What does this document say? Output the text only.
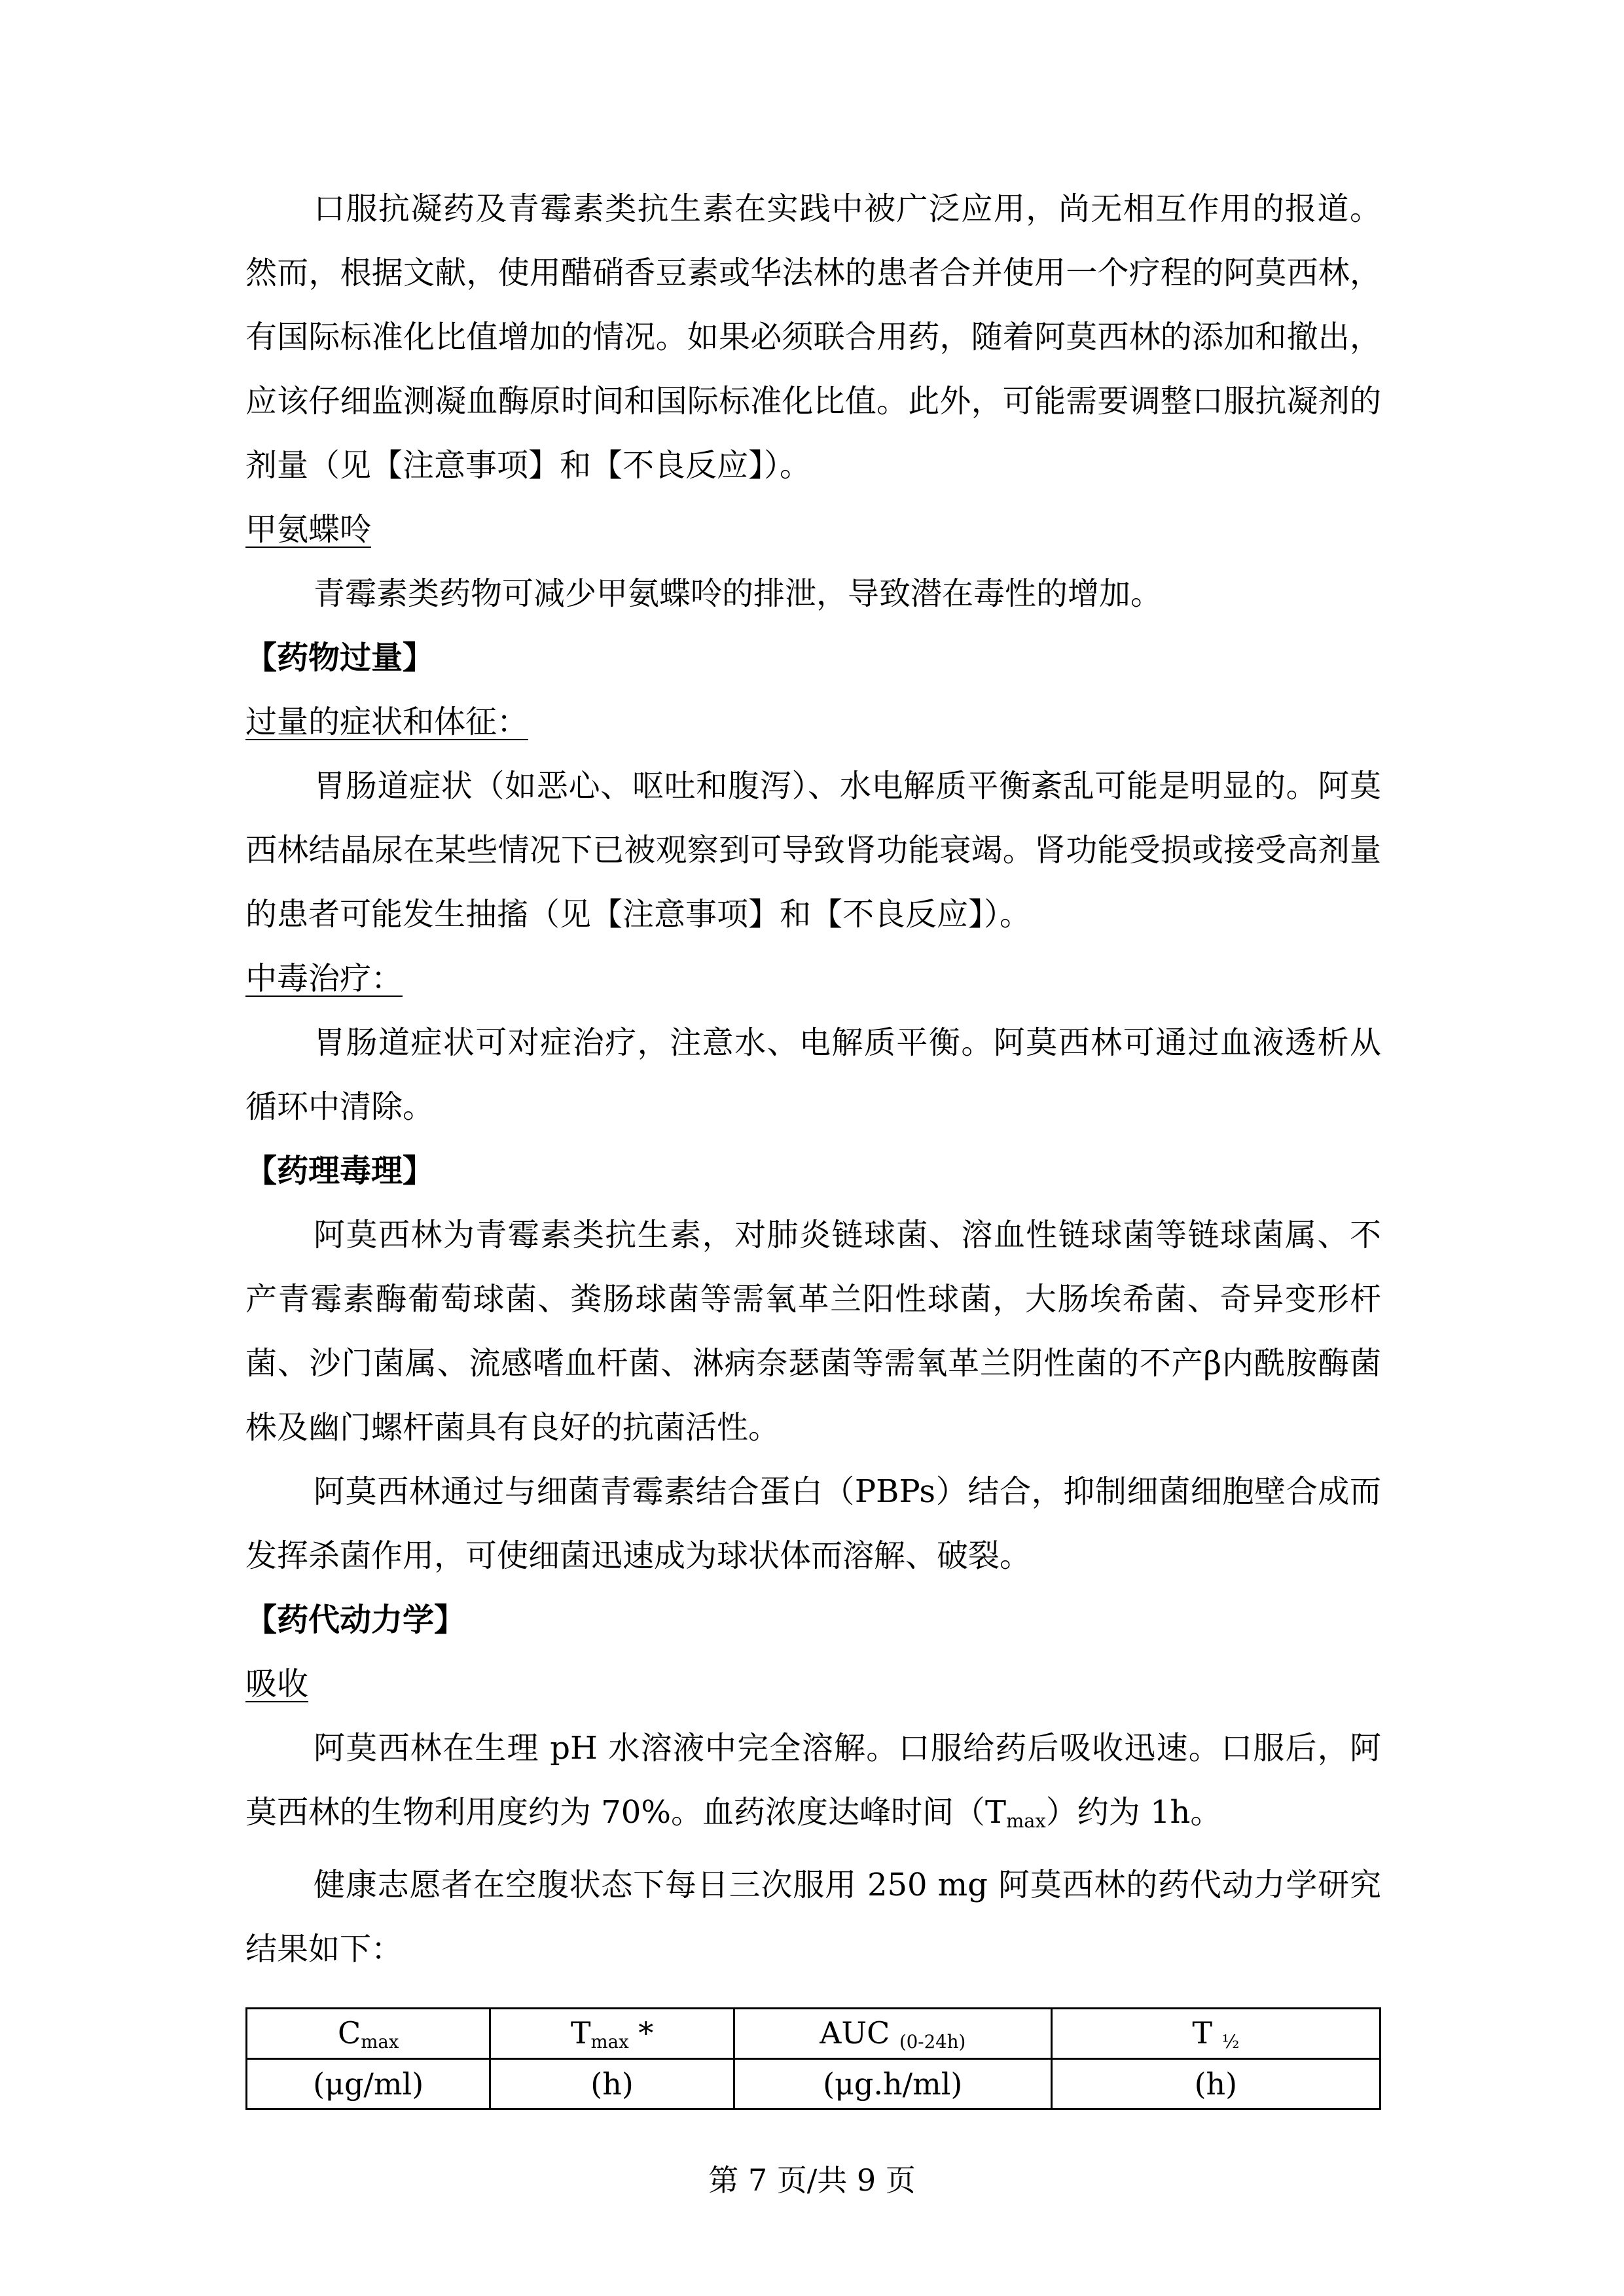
口服抗凝药及青霉素类抗生素在实践中被广泛应用，尚无相互作用的报道。然而，根据文献，使用醋硝香豆素或华法林的患者合并使用一个疗程的阿莫西林，有国际标准化比值增加的情况。如果必须联合用药，随着阿莫西林的添加和撤出，应该仔细监测凝血酶原时间和国际标准化比值。此外，可能需要调整口服抗凝剂的剂量（见【注意事项】和【不良反应】）。

甲氨蝶呤

青霉素类药物可减少甲氨蝶呤的排泄，导致潜在毒性的增加。

【药物过量】

过量的症状和体征：

胃肠道症状（如恶心、呕吐和腹泻）、水电解质平衡紊乱可能是明显的。阿莫西林结晶尿在某些情况下已被观察到可导致肾功能衰竭。肾功能受损或接受高剂量的患者可能发生抽搐（见【注意事项】和【不良反应】）。

中毒治疗：

胃肠道症状可对症治疗，注意水、电解质平衡。阿莫西林可通过血液透析从循环中清除。

【药理毒理】

阿莫西林为青霉素类抗生素，对肺炎链球菌、溶血性链球菌等链球菌属、不产青霉素酶葡萄球菌、粪肠球菌等需氧革兰阳性球菌，大肠埃希菌、奇异变形杆菌、沙门菌属、流感嗜血杆菌、淋病奈瑟菌等需氧革兰阴性菌的不产β内酰胺酶菌株及幽门螺杆菌具有良好的抗菌活性。

阿莫西林通过与细菌青霉素结合蛋白（PBPs）结合，抑制细菌细胞壁合成而发挥杀菌作用，可使细菌迅速成为球状体而溶解、破裂。

【药代动力学】

吸收

阿莫西林在生理 pH 水溶液中完全溶解。口服给药后吸收迅速。口服后，阿莫西林的生物利用度约为 70%。血药浓度达峰时间$(T_{max})$约为 1h。

健康志愿者在空腹状态下每日三次服用 250 mg 阿莫西林的药代动力学研究结果如下：

$C_{max}$	$T_{max}$ *	AUC $_{(0-24h)}$	T $_{\frac{1}{2}}$
(μg/ml)	(h)	(μg.h/ml)	(h)
第 7 页/共 9 页
